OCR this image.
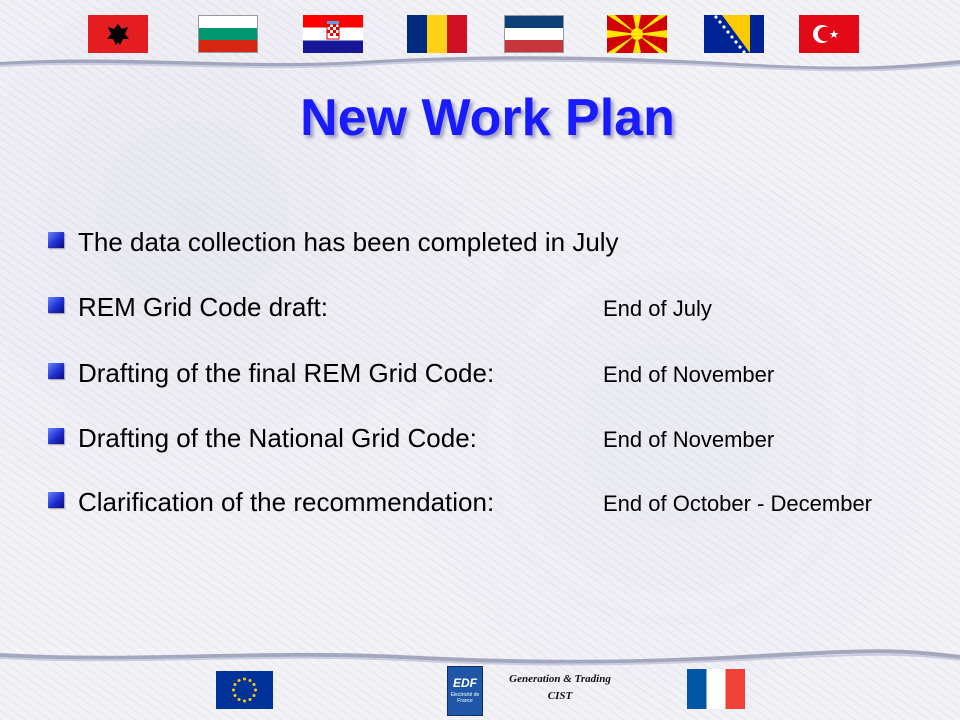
New Work Plan
The data collection has been completed in July
REM Grid Code draft:	End of July
Drafting of the final REM Grid Code:	End of November
Drafting of the National Grid Code:	End of November
Clarification of the recommendation:	End of October - December
EDF
Electricité de France
Generation & Trading
CIST
